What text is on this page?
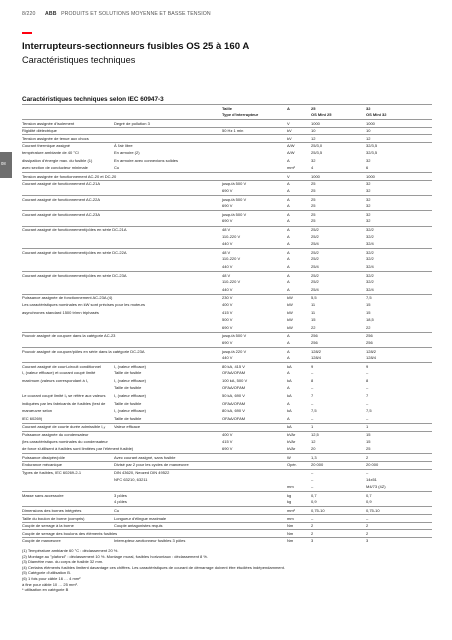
8/220 ABB PRODUITS ET SOLUTIONS MOYENNE ET BASSE TENSION
Interrupteurs-sectionneurs fusibles OS 25 à 160 A
Caractéristiques techniques
08
Caractéristiques techniques selon IEC 60947-3
Taille	A	25	32
Type d'interrupteur	OS Mini 25	OS Mini 32
Tension assignée d'isolement	Degré de pollution 3	V	1000	1000
Rigidité diélectrique	50 Hz 1 min	kV	10	10
Tension assignée de tenue aux chocs	kV	12	12
Courant thermique assigné	À l'air libre	A/W	25/3,0	32/3,5
température ambiante de 40 °C/	En armoire (2)	A/W	25/3,5	32/3,5
dissipation d'énergie max. du fusible (1)	En armoire avec connexions solides	A	32	32
avec section de conducteur minimale	Cu	mm²	4	6
Tension assignée de fonctionnement AC-20 et DC-20	V	1000	1000
Courant assigné de fonctionnement AC-21A	jusqu'à 500 V	A	25	32
690 V	A	25	32
Courant assigné de fonctionnement AC-22A	jusqu'à 500 V	A	25	32
690 V	A	25	32
Courant assigné de fonctionnement AC-23A	jusqu'à 500 V	A	25	32
690 V	A	25	32
Courant assigné de fonctionnement/pôles en série DC-21A	48 V	A	25/2	32/2
110-220 V	A	25/2	32/2
440 V	A	25/4	32/4
Courant assigné de fonctionnement/pôles en série DC-22A	48 V	A	25/2	32/2
110-220 V	A	25/2	32/2
440 V	A	25/4	32/4
Courant assigné de fonctionnement/pôles en série DC-23A	48 V	A	25/2	32/2
110-220 V	A	25/2	32/2
440 V	A	25/4	32/4
Puissance assignée de fonctionnement AC-23A (4)	230 V	kW	5,5	7,5
Les caractéristiques nominales en kW sont précises pour les moteurs	400 V	kW	11	15
asynchrones standard 1500 tr/mn triphasés	415 V	kW	11	15
500 V	kW	15	18,5
690 V	kW	22	22
Pouvoir assigné de coupure dans la catégorie AC-23	jusqu'à 500 V	A	256	256
690 V	A	256	256
Pouvoir assigné de coupure/pôles en série dans la catégorie DC-23A	jusqu'à 220 V	A	128/2	128/2
440 V	A	128/4	128/4
Courant assigné de court-circuit conditionnel	I꜀ (valeur efficace)	80 kA, 415 V	kA	9	9
I꜀ (valeur efficace) et courant coupé limité	Taille de fusible	OFAA/OFAM	A	–	–
maximum (valeurs correspondant à I꜀	I꜀ (valeur efficace)	100 kA, 500 V	kA	8	8
Taille de fusible	OFAA/OFAM	A	–	–
Le courant coupé limité Iₛ se réfère aux valeurs I꜀ (valeur efficace)	50 kA, 690 V	kA	7	7
indiquées par les fabricants de fusibles (test de Taille de fusible	OFAA/OFAM	A	–	–
manœuvre selon	I꜀ (valeur efficace)	80 kA, 690 V	kA	7,5	7,5
IEC 60269)	Taille de fusible	OFAA/OFAM	A	–	–
Courant assigné de courte durée admissible I꜀ᵥ Valeur efficace	kA	1	1
Puissance assignée du condensateur	400 V	kVAr	12,5	15
(les caractéristiques nominales du condensateur	415 V	kVAr	12	15
de force s'utilisent à fusibles sont limitées par l'élément fusible)	690 V	kVAr	20	25
Puissance dissipée/pôle	Avec courant assigné, sans fusible	W	1,3	2
Endurance mécanique	Divisé par 2 pour les cycles de manœuvre	Opér.	20 000	20 000
Types de fusibles, IEC 60269-2-1	DIN 43620, Neozed DIN 49522	–	–
NFC 63210, 63211	–	14x51
mm	–	M4/73 (4Z)
Masse sans accessoire	3 pôles	kg	0,7	0,7
4 pôles	kg	0,9	0,9
Dimensions des bornes intégrées	Cu	mm²	0,75-10	0,75-10
Taille du boulon de borne (compris)	Longueur d'élingue maximale	mm	–	–
Couple de serrage à la borne	Couple antagonistes requis	Nm	2	2
Couple de serrage des boulons des éléments fusibles	Nm	2	2
Couple de manœuvre	Interrupteur-sectionneur fusibles 3 pôles	Nm	3	3
(1) Température ambiante 60 °C : déclassement 20 %.
(2) Montage au "plafond" : déclassement 10 %. Montage mural, fusibles horizontaux : déclassement 8 %.
(3) Diamètre max. du corps de fusible 32 mm.
(4) Certains éléments fusibles limitent davantage ces chiffres. Les caractéristiques de courant de démarrage doivent être étudiées indépendamment.
(5) Catégorie d'utilisation B.
(6) 1 fois pour câble 16 … 4 mm²
à fine pour câble 10 … 25 mm².
* utilisation en catégorie B
